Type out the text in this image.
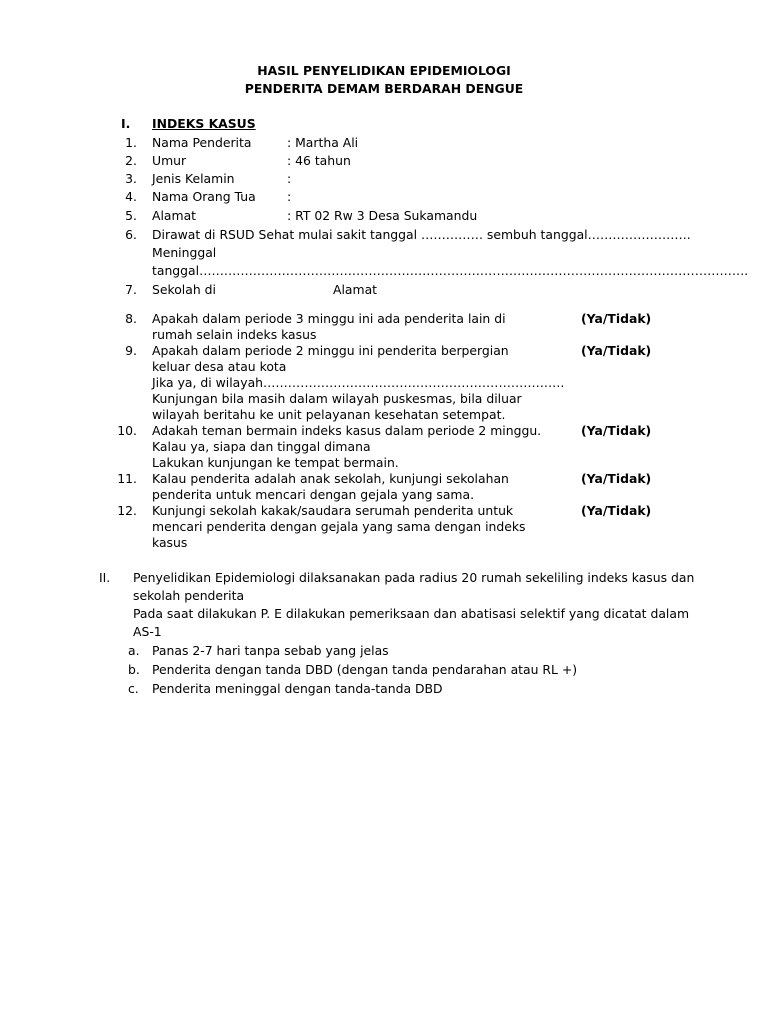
HASIL PENYELIDIKAN EPIDEMIOLOGI
PENDERITA DEMAM BERDARAH DENGUE
I. INDEKS KASUS
1. Nama Penderita	: Martha Ali
2. Umur	: 46 tahun
3. Jenis Kelamin	:
4. Nama Orang Tua	:
5. Alamat	: RT 02 Rw 3 Desa Sukamandu
6. Dirawat di RSUD Sehat mulai sakit tanggal …………… sembuh tanggal…………………….
Meninggal
tanggal…………………………………………………………………………………………………………………….
7. Sekolah di	Alamat
8. Apakah dalam periode 3 minggu ini ada penderita lain di
rumah selain indeks kasus
(Ya/Tidak)
9. Apakah dalam periode 2 minggu ini penderita berpergian
keluar desa atau kota
Jika ya, di wilayah……………………………………………………………….
Kunjungan bila masih dalam wilayah puskesmas, bila diluar
wilayah beritahu ke unit pelayanan kesehatan setempat.
(Ya/Tidak)
10. Adakah teman bermain indeks kasus dalam periode 2 minggu.
Kalau ya, siapa dan tinggal dimana
Lakukan kunjungan ke tempat bermain.
(Ya/Tidak)
11. Kalau penderita adalah anak sekolah, kunjungi sekolahan
penderita untuk mencari dengan gejala yang sama.
(Ya/Tidak)
12. Kunjungi sekolah kakak/saudara serumah penderita untuk
mencari penderita dengan gejala yang sama dengan indeks
kasus
(Ya/Tidak)
II. Penyelidikan Epidemiologi dilaksanakan pada radius 20 rumah sekeliling indeks kasus dan
sekolah penderita
Pada saat dilakukan P. E dilakukan pemeriksaan dan abatisasi selektif yang dicatat dalam
AS-1
a. Panas 2-7 hari tanpa sebab yang jelas
b. Penderita dengan tanda DBD (dengan tanda pendarahan atau RL +)
c. Penderita meninggal dengan tanda-tanda DBD
